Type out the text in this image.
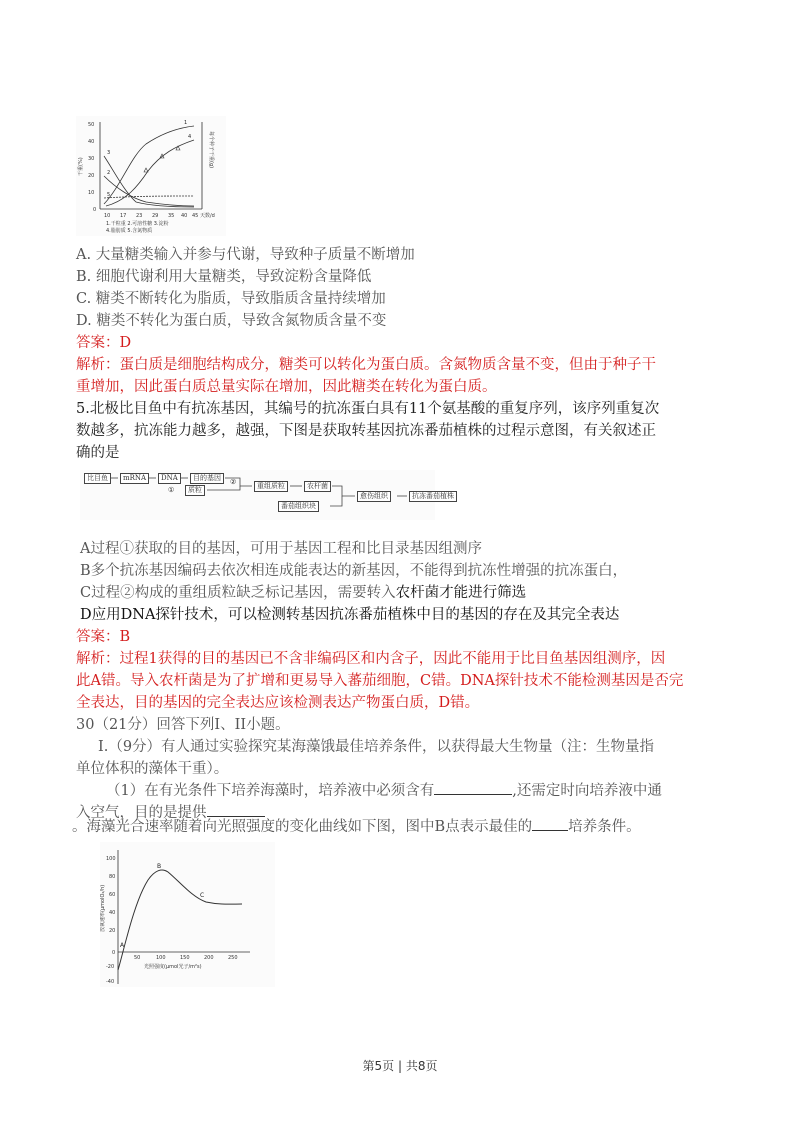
50
40
30
20
10
0
10 17 23 29 35 40 45 天数/d
干重(%)	每个种子干重(g)
1
2
3
4
5
1.干粒重 2.可溶性糖 3.淀粉
4.脂肪质 5.含氮物质
A. 大量糖类输入并参与代谢，导致种子质量不断增加
B. 细胞代谢利用大量糖类，导致淀粉含量降低
C. 糖类不断转化为脂质，导致脂质含量持续增加
D. 糖类不转化为蛋白质，导致含氮物质含量不变
答案：D
解析：蛋白质是细胞结构成分，糖类可以转化为蛋白质。含氮物质含量不变，但由于种子干
重增加，因此蛋白质总量实际在增加，因此糖类在转化为蛋白质。
5.北极比目鱼中有抗冻基因，其编号的抗冻蛋白具有11个氨基酸的重复序列，该序列重复次
数越多，抗冻能力越多，越强，下图是获取转基因抗冻番茄植株的过程示意图，有关叙述正
确的是
比目鱼	mRNA	DNA	目的基因
①
②
质粒	重组质粒	农杆菌
番茄组织块
愈伤组织	抗冻番茄植株
A过程①获取的目的基因，可用于基因工程和比目录基因组测序
B多个抗冻基因编码去依次相连成能表达的新基因，不能得到抗冻性增强的抗冻蛋白，
C过程②构成的重组质粒缺乏标记基因，需要转入农杆菌才能进行筛选
D应用DNA探针技术，可以检测转基因抗冻番茄植株中目的基因的存在及其完全表达
答案：B
解析：过程1获得的目的基因已不含非编码区和内含子，因此不能用于比目鱼基因组测序，因
此A错。导入农杆菌是为了扩增和更易导入蕃茄细胞，C错。DNA探针技术不能检测基因是否完
全表达，目的基因的完全表达应该检测表达产物蛋白质，D错。
30（21分）回答下列I、II小题。
I.（9分）有人通过实验探究某海藻饿最佳培养条件，以获得最大生物量（注：生物量指
单位体积的藻体干重）。
（1）在有光条件下培养海藻时，培养液中必须含有	,还需定时向培养液中通
入空气，目的是提供
。海藻光合速率随着向光照强度的变化曲线如下图，图中B点表示最佳的 培养条件。
100
80
60
40
20
0
-20
-40
50	100	150	200	250
光照强度(μmol光子/m²s)
放氧速率(μmolO₂/h)
A
B
C
第5页 | 共8页
